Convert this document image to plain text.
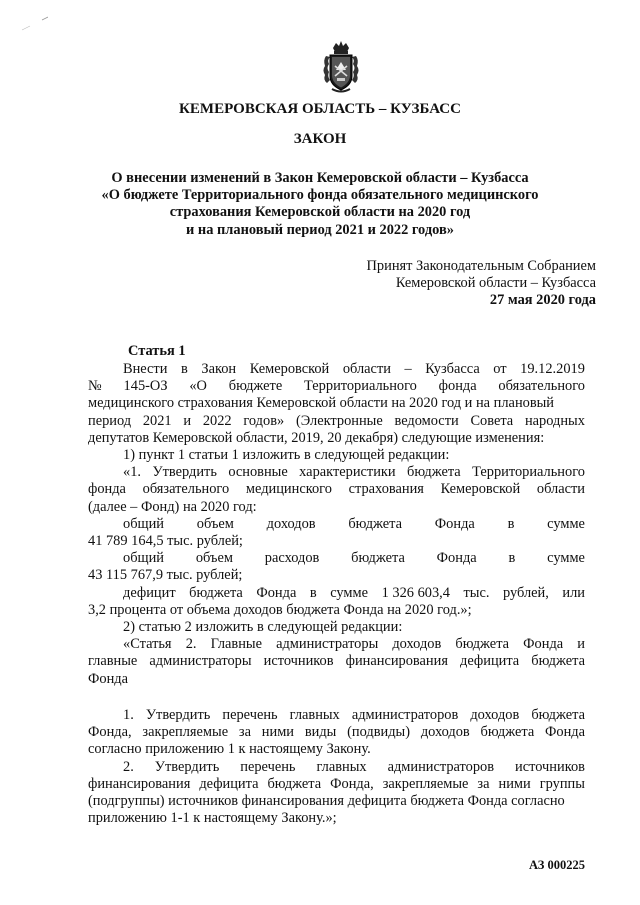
КЕМЕРОВСКАЯ ОБЛАСТЬ – КУЗБАСС
ЗАКОН
О внесении изменений в Закон Кемеровской области – Кузбасса
«О бюджете Территориального фонда обязательного медицинского
страхования Кемеровской области на 2020 год
и на плановый период 2021 и 2022 годов»
Принят Законодательным Собранием
Кемеровской области – Кузбасса
27 мая 2020 года
Статья 1
Внести в Закон Кемеровской области – Кузбасса от 19.12.2019
№ 145-ОЗ «О бюджете Территориального фонда обязательного
медицинского страхования Кемеровской области на 2020 год и на плановый
период 2021 и 2022 годов» (Электронные ведомости Совета народных
депутатов Кемеровской области, 2019, 20 декабря) следующие изменения:
1) пункт 1 статьи 1 изложить в следующей редакции:
«1. Утвердить основные характеристики бюджета Территориального
фонда обязательного медицинского страхования Кемеровской области
(далее – Фонд) на 2020 год:
общий объем доходов бюджета Фонда в сумме
41 789 164,5 тыс. рублей;
общий объем расходов бюджета Фонда в сумме
43 115 767,9 тыс. рублей;
дефицит бюджета Фонда в сумме 1 326 603,4 тыс. рублей, или
3,2 процента от объема доходов бюджета Фонда на 2020 год.»;
2) статью 2 изложить в следующей редакции:
«Статья 2. Главные администраторы доходов бюджета Фонда и
главные администраторы источников финансирования дефицита бюджета
Фонда
1. Утвердить перечень главных администраторов доходов бюджета
Фонда, закрепляемые за ними виды (подвиды) доходов бюджета Фонда
согласно приложению 1 к настоящему Закону.
2. Утвердить перечень главных администраторов источников
финансирования дефицита бюджета Фонда, закрепляемые за ними группы
(подгруппы) источников финансирования дефицита бюджета Фонда согласно
приложению 1-1 к настоящему Закону.»;
АЗ 000225
